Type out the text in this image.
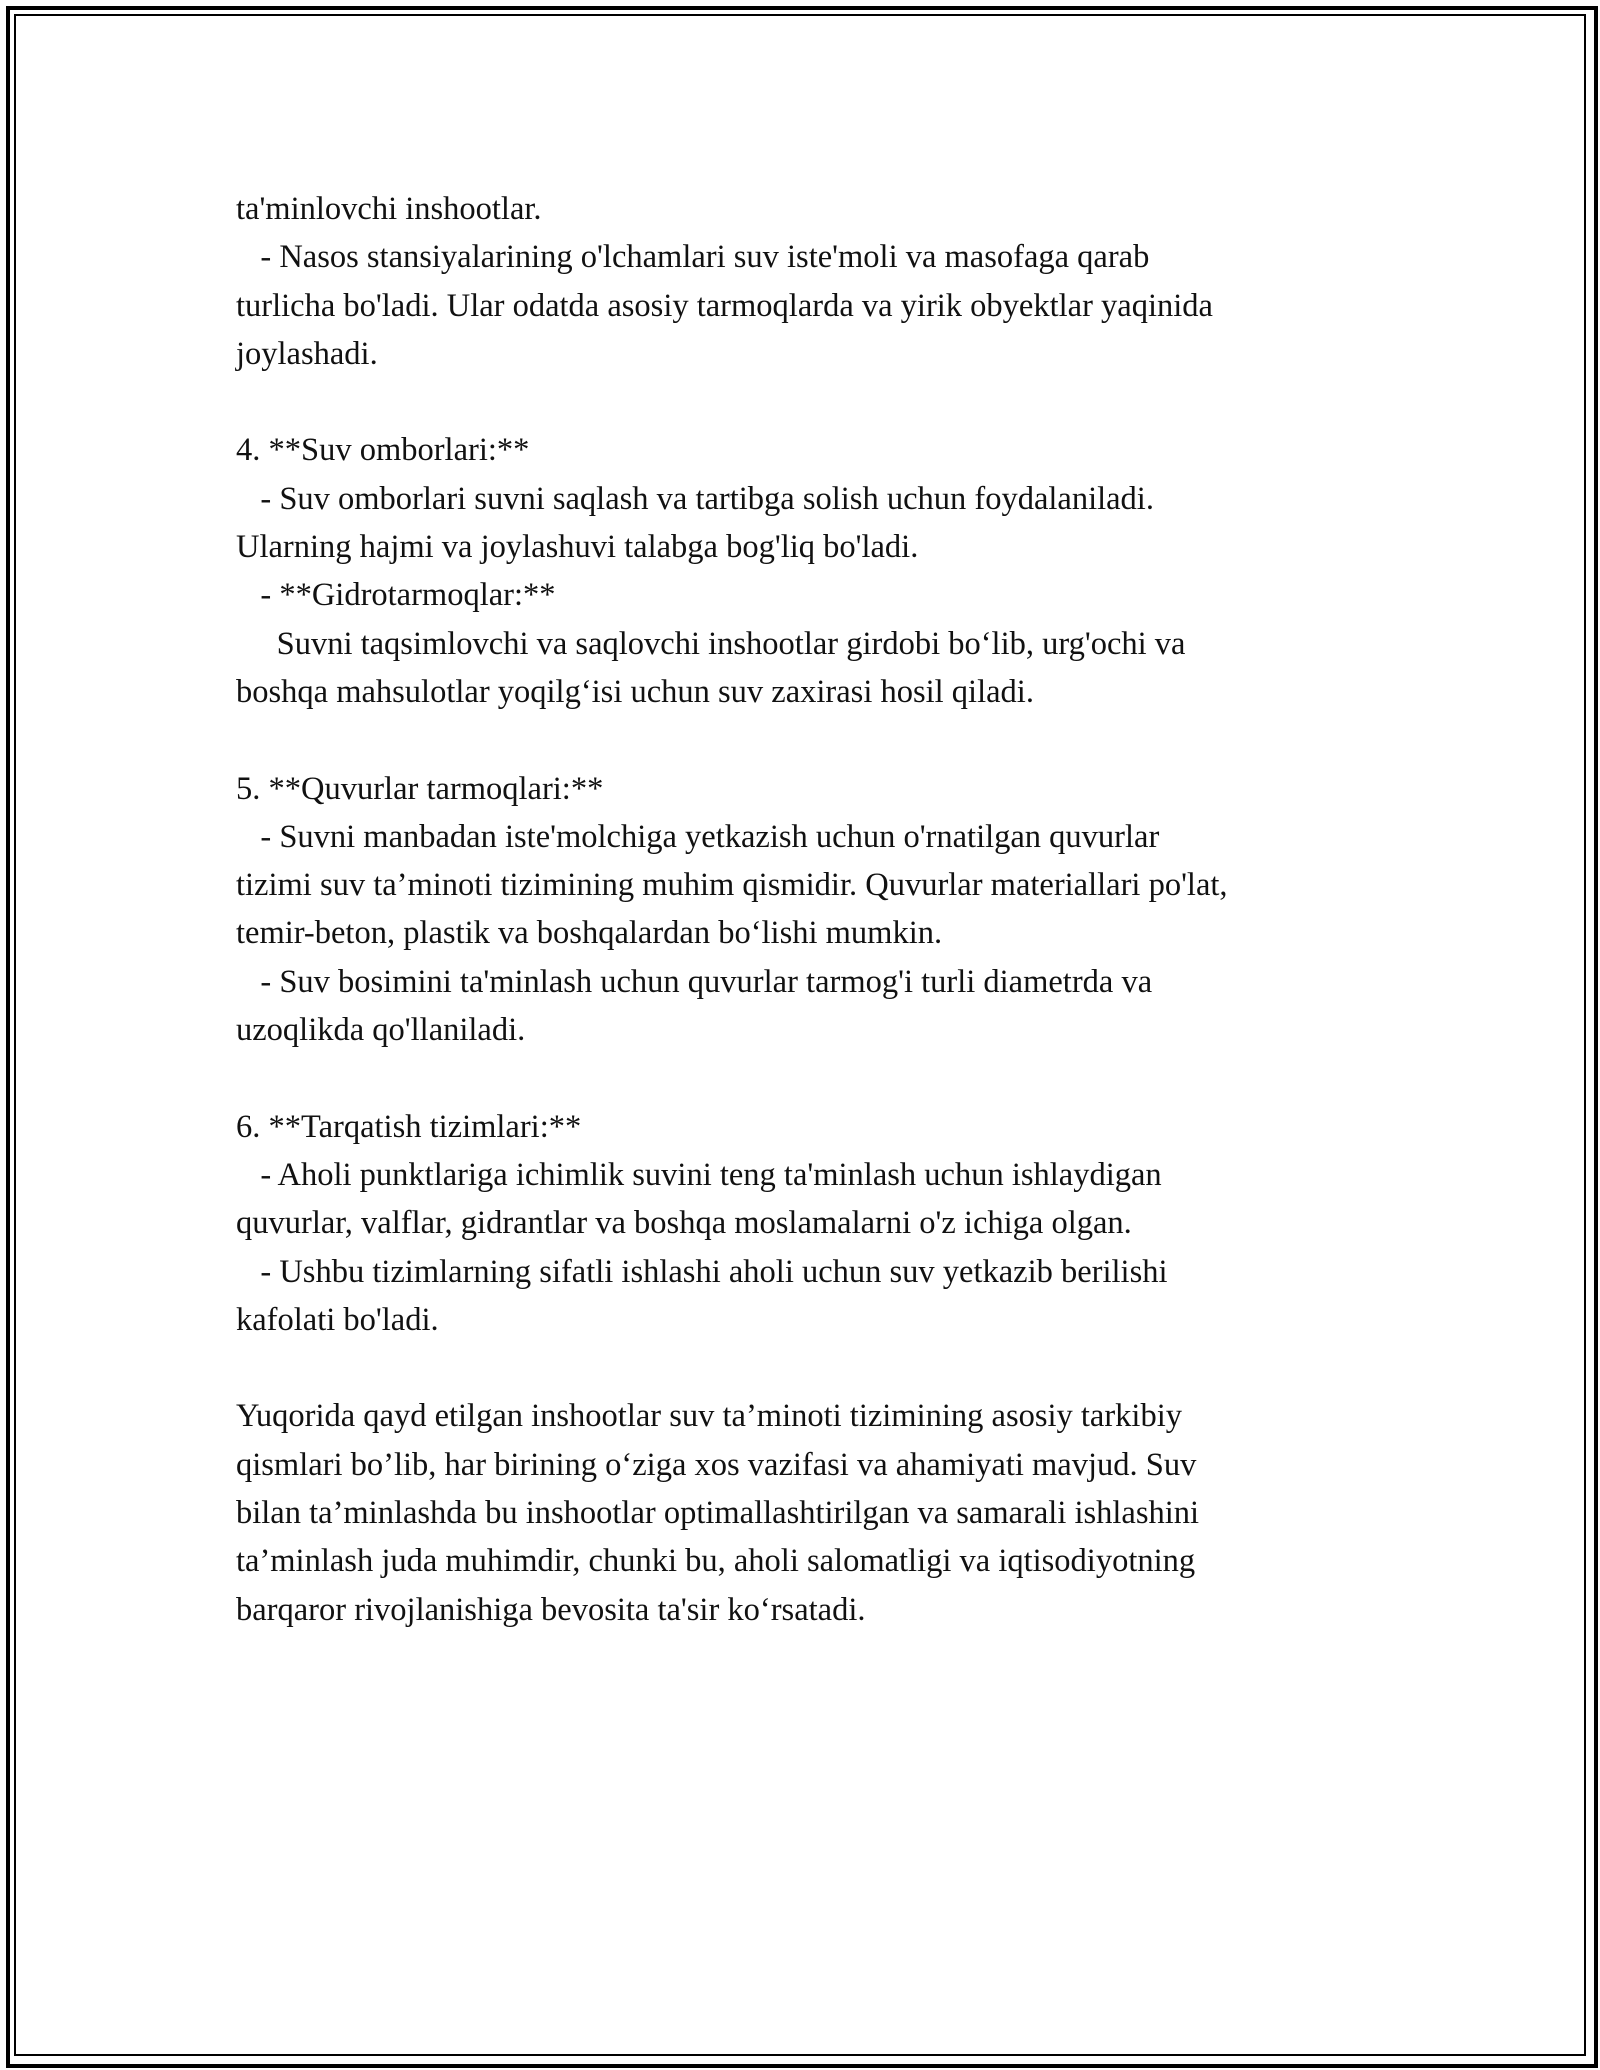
ta'minlovchi inshootlar.
- Nasos stansiyalarining o'lchamlari suv iste'moli va masofaga qarab
turlicha bo'ladi. Ular odatda asosiy tarmoqlarda va yirik obyektlar yaqinida
joylashadi.
4. **Suv omborlari:**
- Suv omborlari suvni saqlash va tartibga solish uchun foydalaniladi.
Ularning hajmi va joylashuvi talabga bog'liq bo'ladi.
- **Gidrotarmoqlar:**
Suvni taqsimlovchi va saqlovchi inshootlar girdobi bo‘lib, urg'ochi va
boshqa mahsulotlar yoqilg‘isi uchun suv zaxirasi hosil qiladi.
5. **Quvurlar tarmoqlari:**
- Suvni manbadan iste'molchiga yetkazish uchun o'rnatilgan quvurlar
tizimi suv ta’minoti tizimining muhim qismidir. Quvurlar materiallari po'lat,
temir-beton, plastik va boshqalardan bo‘lishi mumkin.
- Suv bosimini ta'minlash uchun quvurlar tarmog'i turli diametrda va
uzoqlikda qo'llaniladi.
6. **Tarqatish tizimlari:**
- Aholi punktlariga ichimlik suvini teng ta'minlash uchun ishlaydigan
quvurlar, valflar, gidrantlar va boshqa moslamalarni o'z ichiga olgan.
- Ushbu tizimlarning sifatli ishlashi aholi uchun suv yetkazib berilishi
kafolati bo'ladi.
Yuqorida qayd etilgan inshootlar suv ta’minoti tizimining asosiy tarkibiy
qismlari bo’lib, har birining o‘ziga xos vazifasi va ahamiyati mavjud. Suv
bilan ta’minlashda bu inshootlar optimallashtirilgan va samarali ishlashini
ta’minlash juda muhimdir, chunki bu, aholi salomatligi va iqtisodiyotning
barqaror rivojlanishiga bevosita ta'sir ko‘rsatadi.
